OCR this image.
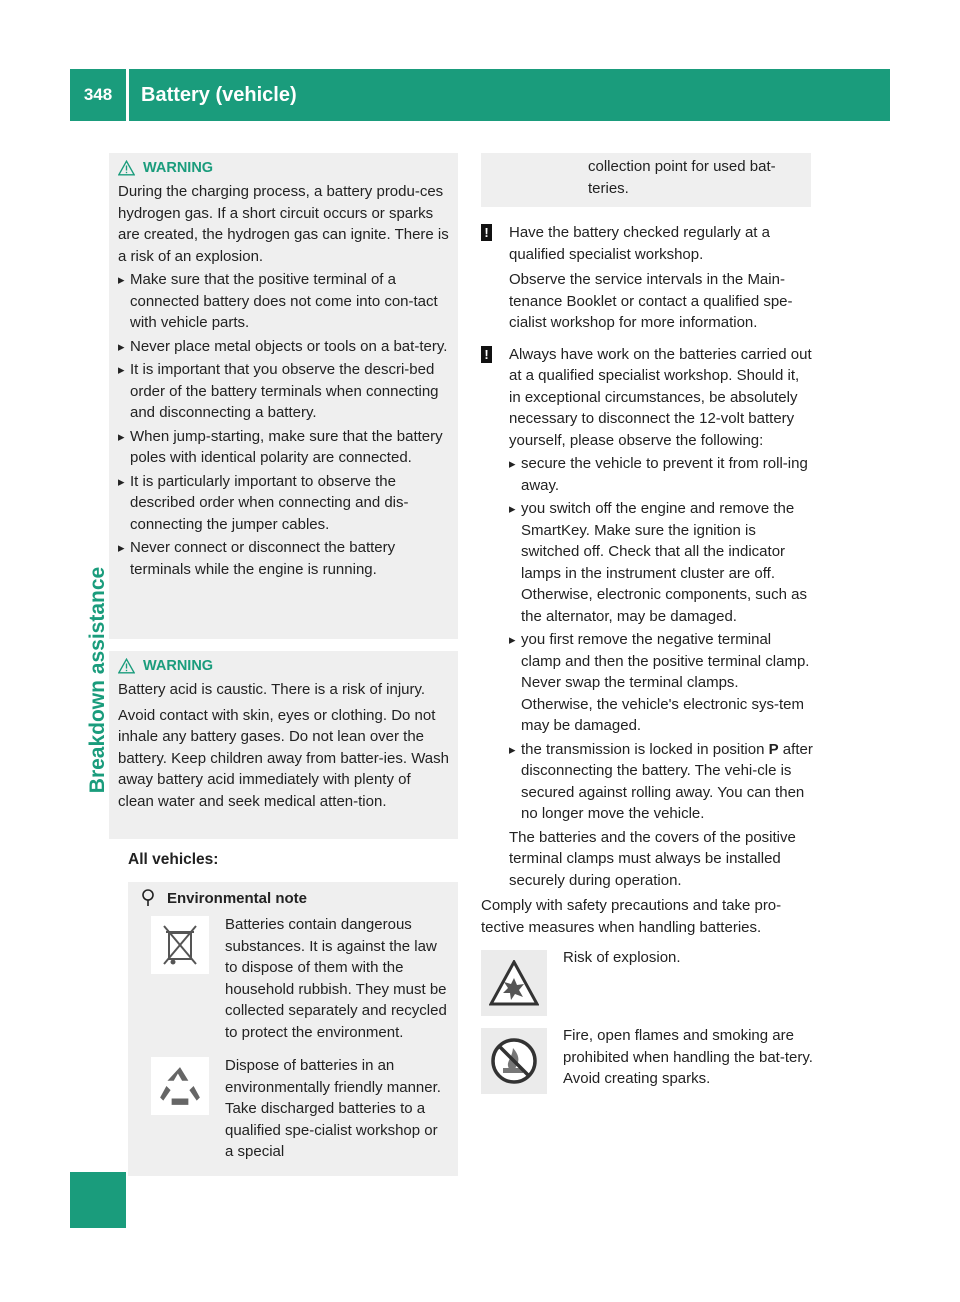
348	Battery (vehicle)
Breakdown assistance
WARNING

During the charging process, a battery produ-ces hydrogen gas. If a short circuit occurs or sparks are created, the hydrogen gas can ignite. There is a risk of an explosion.

▸ Make sure that the positive terminal of a connected battery does not come into con-tact with vehicle parts.
▸ Never place metal objects or tools on a bat-tery.
▸ It is important that you observe the descri-bed order of the battery terminals when connecting and disconnecting a battery.
▸ When jump-starting, make sure that the battery poles with identical polarity are connected.
▸ It is particularly important to observe the described order when connecting and dis-connecting the jumper cables.
▸ Never connect or disconnect the battery terminals while the engine is running.
WARNING

Battery acid is caustic. There is a risk of injury.

Avoid contact with skin, eyes or clothing. Do not inhale any battery gases. Do not lean over the battery. Keep children away from batter-ies. Wash away battery acid immediately with plenty of clean water and seek medical atten-tion.

All vehicles:
Environmental note

Batteries contain dangerous substances. It is against the law to dispose of them with the household rubbish. They must be collected separately and recycled to protect the environment.

Dispose of batteries in an environmentally friendly manner. Take discharged batteries to a qualified spe-cialist workshop or a special

collection point for used bat-teries.

! Have the battery checked regularly at a qualified specialist workshop.

Observe the service intervals in the Main-tenance Booklet or contact a qualified spe-cialist workshop for more information.

! Always have work on the batteries carried out at a qualified specialist workshop. Should it, in exceptional circumstances, be absolutely necessary to disconnect the 12-volt battery yourself, please observe the following:

▸ secure the vehicle to prevent it from roll-ing away.
▸ you switch off the engine and remove the SmartKey. Make sure the ignition is switched off. Check that all the indicator lamps in the instrument cluster are off. Otherwise, electronic components, such as the alternator, may be damaged.
▸ you first remove the negative terminal clamp and then the positive terminal clamp. Never swap the terminal clamps. Otherwise, the vehicle's electronic sys-tem may be damaged.
▸ the transmission is locked in position P after disconnecting the battery. The vehi-cle is secured against rolling away. You can then no longer move the vehicle.

The batteries and the covers of the positive terminal clamps must always be installed securely during operation.

Comply with safety precautions and take pro-tective measures when handling batteries.

Risk of explosion.

Fire, open flames and smoking are prohibited when handling the bat-tery. Avoid creating sparks.
